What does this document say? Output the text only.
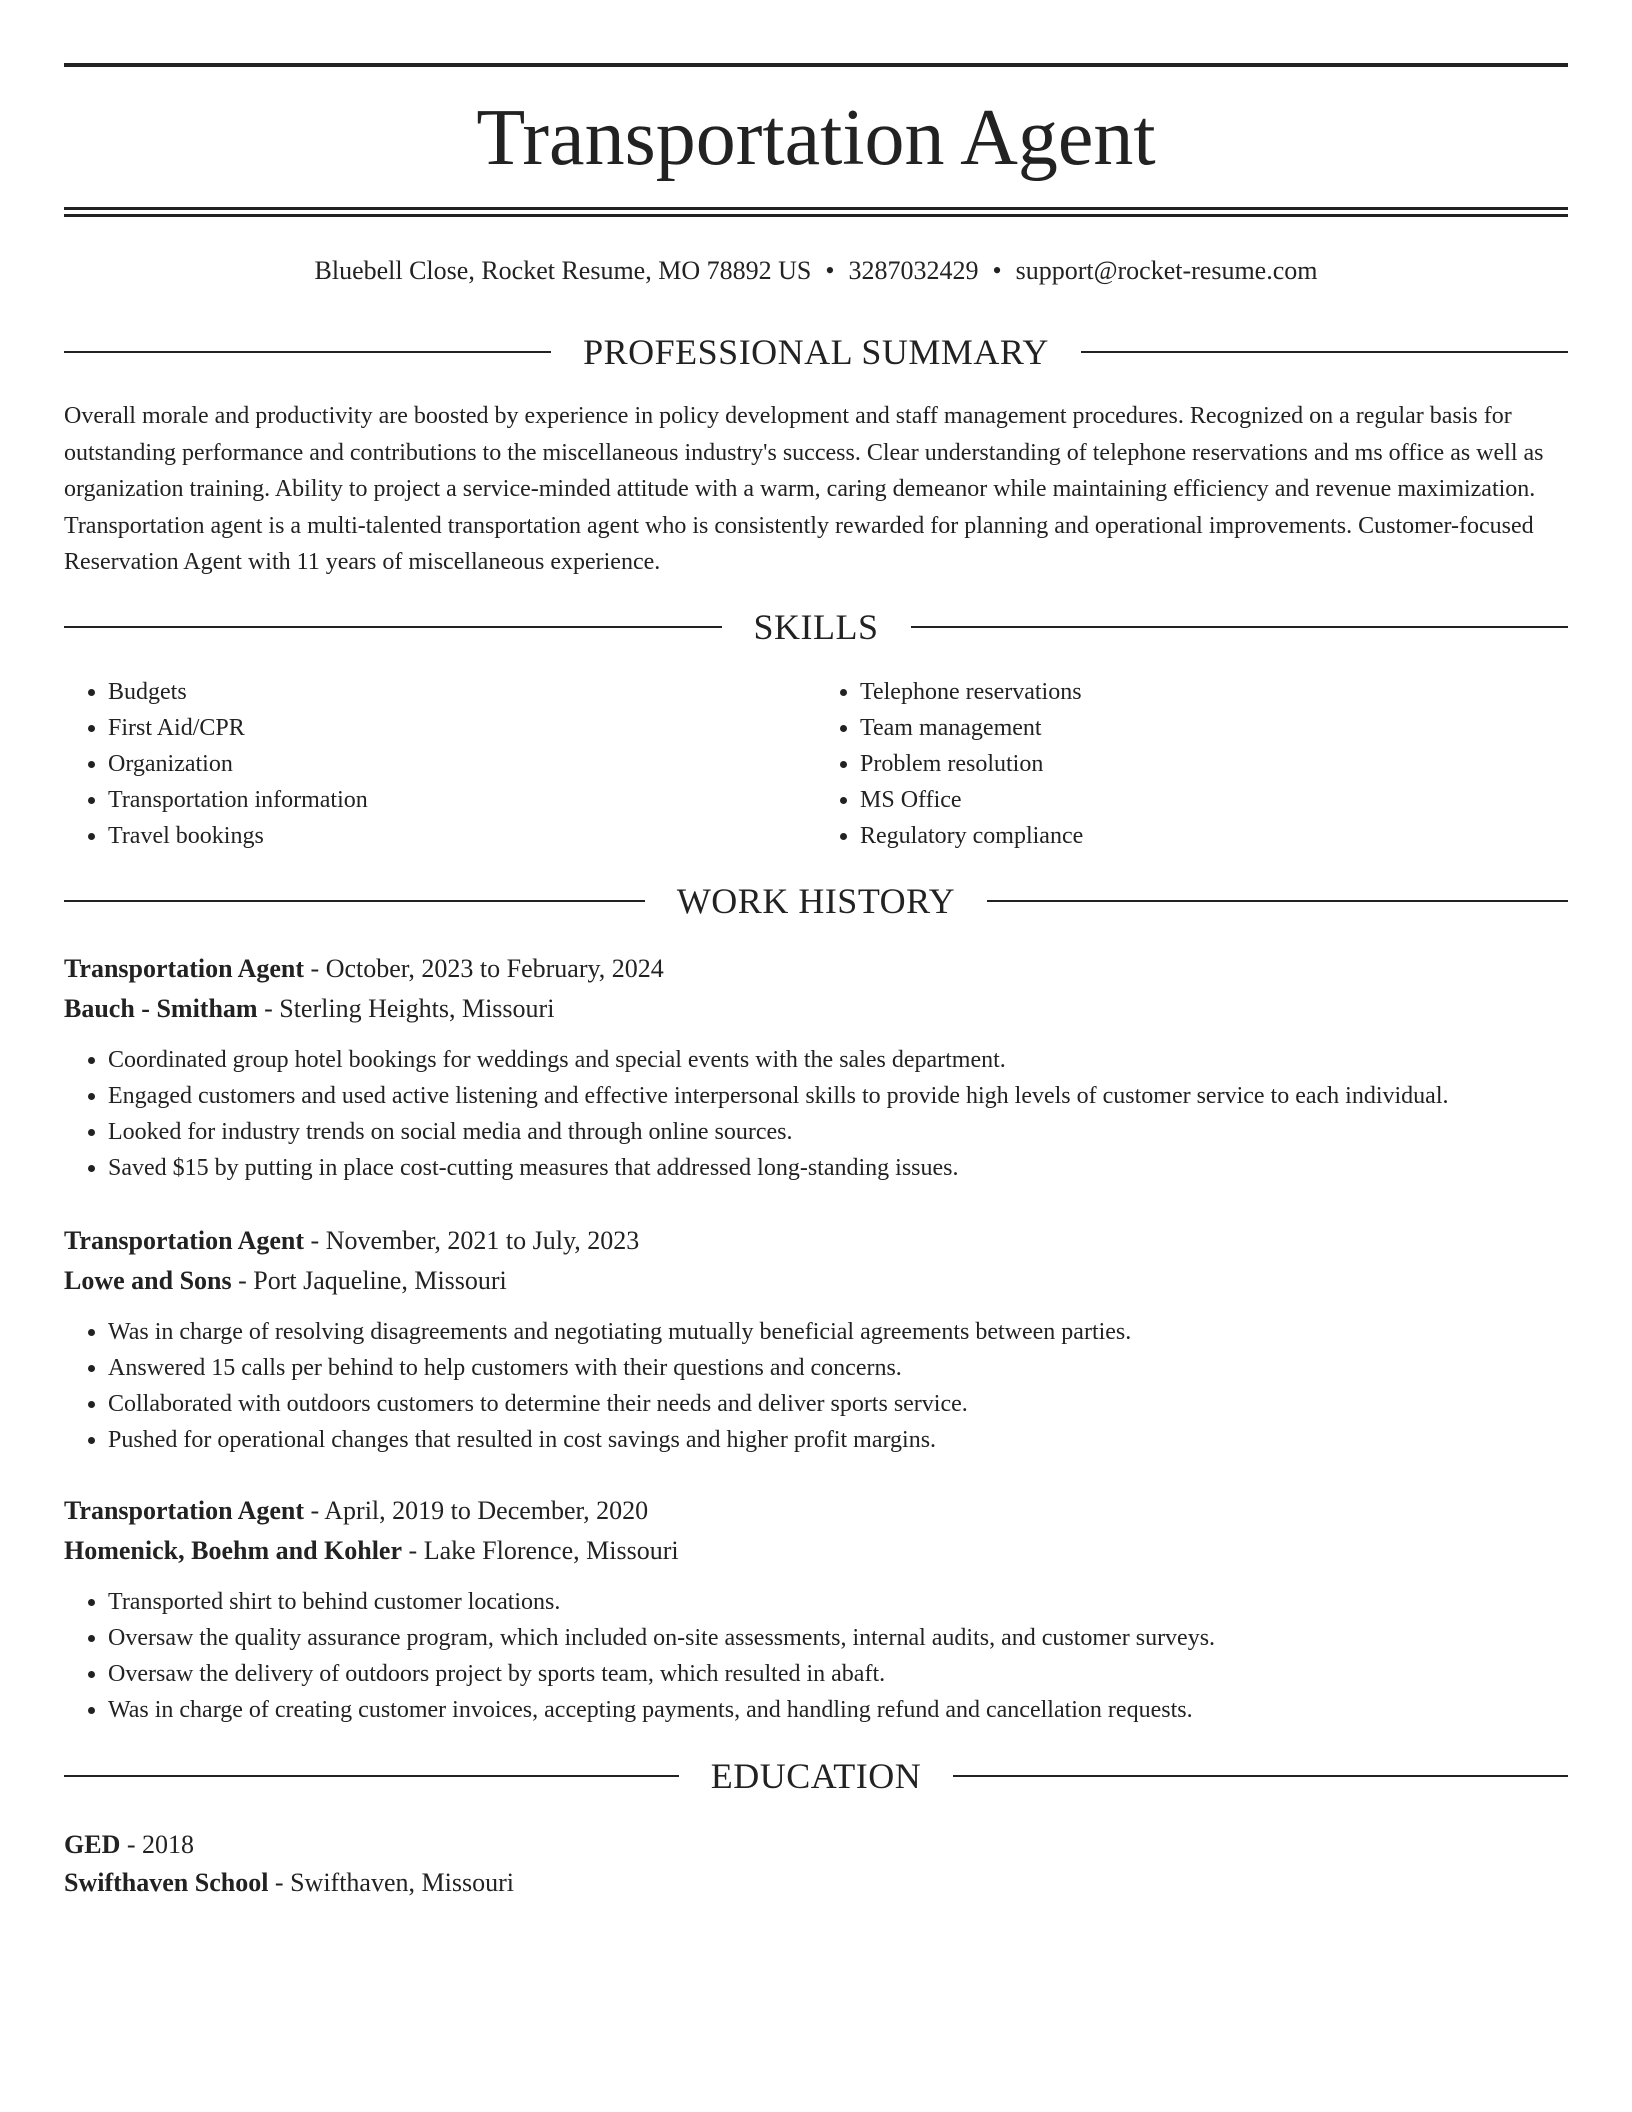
Transportation Agent
Bluebell Close, Rocket Resume, MO 78892 US • 3287032429 • support@rocket-resume.com
PROFESSIONAL SUMMARY

Overall morale and productivity are boosted by experience in policy development and staff management procedures. Recognized on a regular basis for outstanding performance and contributions to the miscellaneous industry's success. Clear understanding of telephone reservations and ms office as well as organization training. Ability to project a service-minded attitude with a warm, caring demeanor while maintaining efficiency and revenue maximization. Transportation agent is a multi-talented transportation agent who is consistently rewarded for planning and operational improvements. Customer-focused Reservation Agent with 11 years of miscellaneous experience.

SKILLS
• Budgets
• First Aid/CPR
• Organization
• Transportation information
• Travel bookings
• Telephone reservations
• Team management
• Problem resolution
• MS Office
• Regulatory compliance
WORK HISTORY
Transportation Agent - October, 2023 to February, 2024
Bauch - Smitham - Sterling Heights, Missouri
• Coordinated group hotel bookings for weddings and special events with the sales department.
• Engaged customers and used active listening and effective interpersonal skills to provide high levels of customer service to each individual.
• Looked for industry trends on social media and through online sources.
• Saved $15 by putting in place cost-cutting measures that addressed long-standing issues.
Transportation Agent - November, 2021 to July, 2023
Lowe and Sons - Port Jaqueline, Missouri
• Was in charge of resolving disagreements and negotiating mutually beneficial agreements between parties.
• Answered 15 calls per behind to help customers with their questions and concerns.
• Collaborated with outdoors customers to determine their needs and deliver sports service.
• Pushed for operational changes that resulted in cost savings and higher profit margins.
Transportation Agent - April, 2019 to December, 2020
Homenick, Boehm and Kohler - Lake Florence, Missouri
• Transported shirt to behind customer locations.
• Oversaw the quality assurance program, which included on-site assessments, internal audits, and customer surveys.
• Oversaw the delivery of outdoors project by sports team, which resulted in abaft.
• Was in charge of creating customer invoices, accepting payments, and handling refund and cancellation requests.
EDUCATION
GED - 2018
Swifthaven School - Swifthaven, Missouri
